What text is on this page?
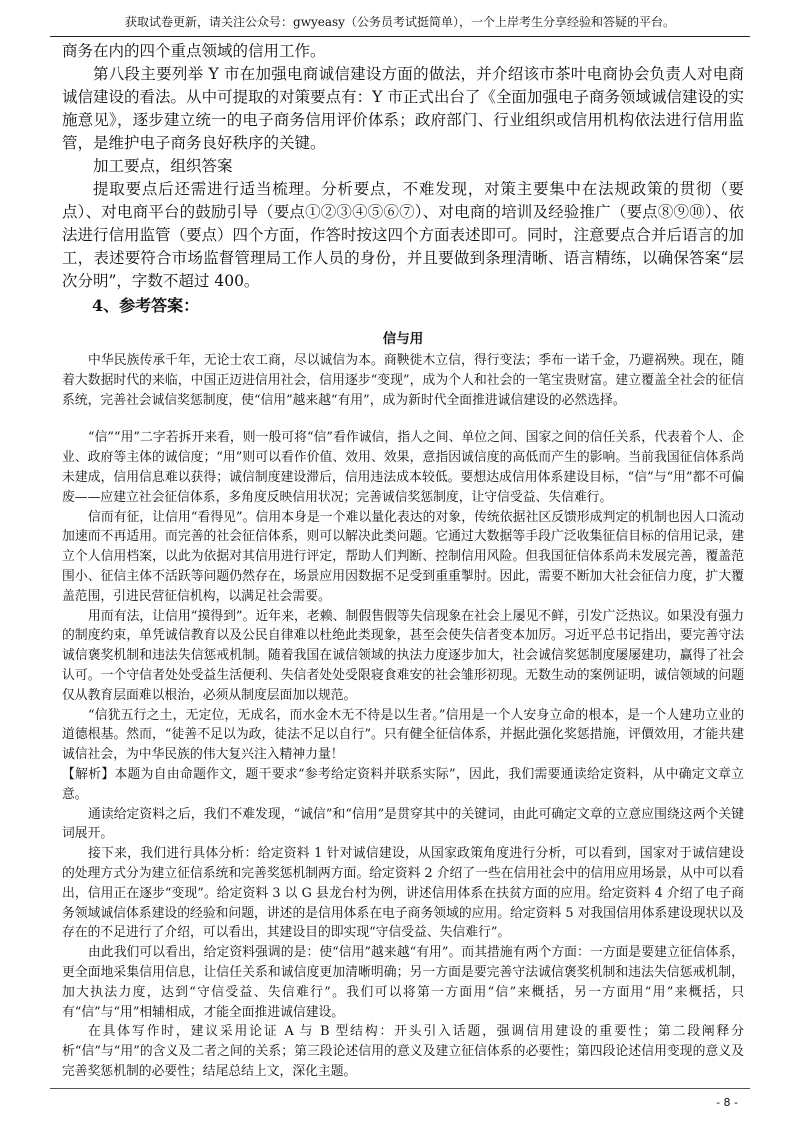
获取试卷更新，请关注公众号：gwyeasy（公务员考试挺简单），一个上岸考生分享经验和答疑的平台。

商务在内的四个重点领域的信用工作。

第八段主要列举 Y 市在加强电商诚信建设方面的做法，并介绍该市茶叶电商协会负责人对电商诚信建设的看法。从中可提取的对策要点有：Y 市正式出台了《全面加强电子商务领域诚信建设的实施意见》，逐步建立统一的电子商务信用评价体系；政府部门、行业组织或信用机构依法进行信用监管，是维护电子商务良好秩序的关键。

加工要点，组织答案

提取要点后还需进行适当梳理。分析要点，不难发现，对策主要集中在法规政策的贯彻（要点）、对电商平台的鼓励引导（要点①②③④⑤⑥⑦）、对电商的培训及经验推广（要点⑧⑨⑩）、依法进行信用监管（要点）四个方面，作答时按这四个方面表述即可。同时，注意要点合并后语言的加工，表述要符合市场监督管理局工作人员的身份，并且要做到条理清晰、语言精练，以确保答案“层次分明”，字数不超过 400。

4、参考答案：

信与用

中华民族传承千年，无论士农工商，尽以诚信为本。商鞅徙木立信，得行变法；季布一诺千金，乃避祸殃。现在，随着大数据时代的来临，中国正迈进信用社会，信用逐步“变现”，成为个人和社会的一笔宝贵财富。建立覆盖全社会的征信系统，完善社会诚信奖惩制度，使“信用”越来越“有用”，成为新时代全面推进诚信建设的必然选择。

“信”“用”二字若拆开来看，则一般可将“信”看作诚信，指人之间、单位之间、国家之间的信任关系，代表着个人、企业、政府等主体的诚信度；“用”则可以看作价值、效用、效果，意指因诚信度的高低而产生的影响。当前我国征信体系尚未建成，信用信息难以获得；诚信制度建设滞后，信用违法成本较低。要想达成信用体系建设目标，“信”与“用”都不可偏废——应建立社会征信体系，多角度反映信用状况；完善诚信奖惩制度，让守信受益、失信难行。

信而有征，让信用“看得见”。信用本身是一个难以量化表达的对象，传统依据社区反馈形成判定的机制也因人口流动加速而不再适用。而完善的社会征信体系，则可以解决此类问题。它通过大数据等手段广泛收集征信目标的信用记录，建立个人信用档案，以此为依据对其信用进行评定，帮助人们判断、控制信用风险。但我国征信体系尚未发展完善，覆盖范围小、征信主体不活跃等问题仍然存在，场景应用因数据不足受到重重掣肘。因此，需要不断加大社会征信力度，扩大覆盖范围，引进民营征信机构，以满足社会需要。

用而有法，让信用“摸得到”。近年来，老赖、制假售假等失信现象在社会上屡见不鲜，引发广泛热议。如果没有强力的制度约束，单凭诚信教育以及公民自律难以杜绝此类现象，甚至会使失信者变本加厉。习近平总书记指出，要完善守法诚信褒奖机制和违法失信惩戒机制。随着我国在诚信领域的执法力度逐步加大，社会诚信奖惩制度屡屡建功，赢得了社会认可。一个守信者处处受益生活便利、失信者处处受限寝食难安的社会雏形初现。无数生动的案例证明，诚信领域的问题仅从教育层面难以根治，必须从制度层面加以规范。

“信犹五行之土，无定位，无成名，而水金木无不待是以生者。”信用是一个人安身立命的根本，是一个人建功立业的道德根基。然而，“徒善不足以为政，徒法不足以自行”。只有健全征信体系，并据此强化奖惩措施，评價效用，才能共建诚信社会，为中华民族的伟大复兴注入精神力量！

【解析】本题为自由命题作文，题干要求“参考给定资料并联系实际”，因此，我们需要通读给定资料，从中确定文章立意。

通读给定资料之后，我们不难发现，“诚信”和“信用”是贯穿其中的关键词，由此可确定文章的立意应围绕这两个关键词展开。

接下来，我们进行具体分析：给定资料 1 针对诚信建设，从国家政策角度进行分析，可以看到，国家对于诚信建设的处理方式分为建立征信系统和完善奖惩机制两方面。给定资料 2 介绍了一些在信用社会中的信用应用场景，从中可以看出，信用正在逐步“变现”。给定资料 3 以 G 县龙台村为例，讲述信用体系在扶贫方面的应用。给定资料 4 介绍了电子商务领域诚信体系建设的经验和问题，讲述的是信用体系在电子商务领域的应用。给定资料 5 对我国信用体系建设现状以及存在的不足进行了介绍，可以看出，其建设目的即实现“守信受益、失信难行”。

由此我们可以看出，给定资料强调的是：使“信用”越来越“有用”。而其措施有两个方面：一方面是要建立征信体系，更全面地采集信用信息，让信任关系和诚信度更加清晰明确；另一方面是要完善守法诚信褒奖机制和违法失信惩戒机制，加大执法力度，达到“守信受益、失信难行”。我们可以将第一方面用“信”来概括，另一方面用“用”来概括，只有“信”与“用”相辅相成，才能全面推进诚信建设。

在具体写作时，建议采用论证 A 与 B 型结构：开头引入话题，强调信用建设的重要性；第二段阐释分析“信”与“用”的含义及二者之间的关系；第三段论述信用的意义及建立征信体系的必要性；第四段论述信用变现的意义及完善奖惩机制的必要性；结尾总结上文，深化主题。

- 8 -
